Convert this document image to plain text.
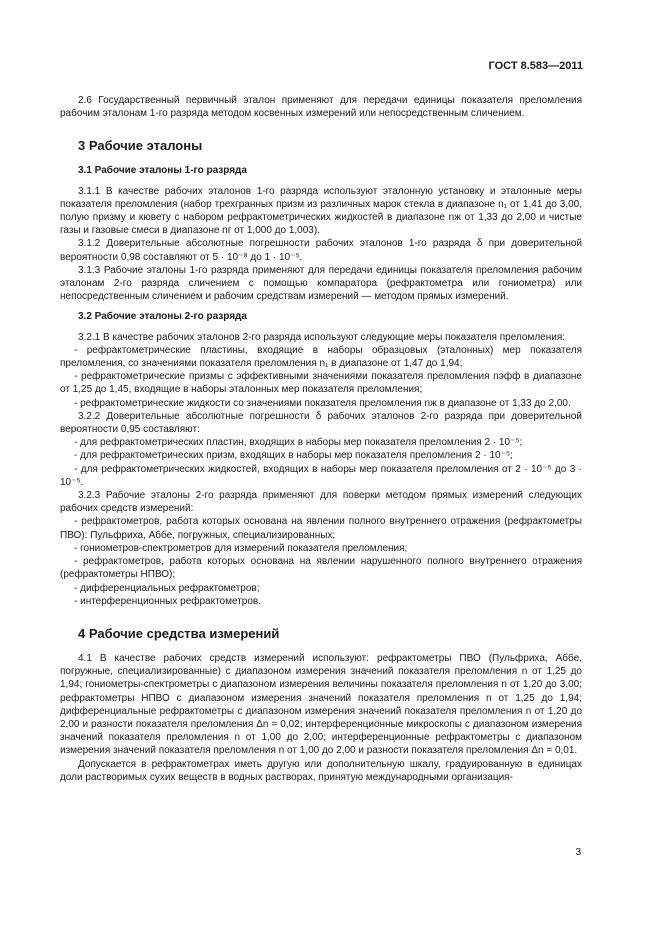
ГОСТ 8.583—2011

2.6 Государственный первичный эталон применяют для передачи единицы показателя преломления рабочим эталонам 1-го разряда методом косвенных измерений или непосредственным сличением.

3 Рабочие эталоны
3.1 Рабочие эталоны 1-го разряда

3.1.1 В качестве рабочих эталонов 1-го разряда используют эталонную установку и эталонные меры показателя преломления (набор трехгранных призм из различных марок стекла в диапазоне n₁ от 1,41 до 3,00, полую призму и кювету с набором рефрактометрических жидкостей в диапазоне nж от 1,33 до 2,00 и чистые газы и газовые смеси в диапазоне nг от 1,000 до 1,003).

3.1.2 Доверительные абсолютные погрешности рабочих эталонов 1-го разряда δ при доверительной вероятности 0,98 составляют от 5 · 10⁻⁸ до 1 · 10⁻⁵.

3.1.3 Рабочие эталоны 1-го разряда применяют для передачи единицы показателя преломления рабочим эталонам 2-го разряда сличением с помощью компаратора (рефрактометра или гониометра) или непосредственным сличением и рабочим средствам измерений — методом прямых измерений.

3.2 Рабочие эталоны 2-го разряда

3.2.1 В качестве рабочих эталонов 2-го разряда используют следующие меры показателя преломления:

- рефрактометрические пластины, входящие в наборы образцовых (эталонных) мер показателя преломления, со значениями показателя преломления n₁ в диапазоне от 1,47 до 1,94;

- рефрактометрические призмы с эффективными значениями показателя преломления nэфф в диапазоне от 1,25 до 1,45, входящие в наборы эталонных мер показателя преломления;

- рефрактометрические жидкости со значениями показателя преломления nж в диапазоне от 1,33 до 2,00.

3.2.2 Доверительные абсолютные погрешности δ рабочих эталонов 2-го разряда при доверительной вероятности 0,95 составляют:

- для рефрактометрических пластин, входящих в наборы мер показателя преломления 2 · 10⁻⁵;

- для рефрактометрических призм, входящих в наборы мер показателя преломления 2 · 10⁻⁵;

- для рефрактометрических жидкостей, входящих в наборы мер показателя преломления от 2 · 10⁻⁵ до 3 · 10⁻⁵.

3.2.3 Рабочие эталоны 2-го разряда применяют для поверки методом прямых измерений следующих рабочих средств измерений:

- рефрактометров, работа которых основана на явлении полного внутреннего отражения (рефрактометры ПВО): Пульфриха, Аббе, погружных, специализированных;

- гониометров-спектрометров для измерений показателя преломления;

- рефрактометров, работа которых основана на явлении нарушенного полного внутреннего отражения (рефрактометры НПВО);

- дифференциальных рефрактометров;

- интерференционных рефрактометров.

4 Рабочие средства измерений

4.1 В качестве рабочих средств измерений используют: рефрактометры ПВО (Пульфриха, Аббе, погружные, специализированные) с диапазоном измерения значений показателя преломления n от 1,25 до 1,94; гониометры-спектрометры с диапазоном измерения величины показателя преломления n от 1,20 до 3,00; рефрактометры НПВО с диапазоном измерения значений показателя преломления n от 1,25 до 1,94; дифференциальные рефрактометры с диапазоном измерения значений показателя преломления n от 1,20 до 2,00 и разности показателя преломления Δn = 0,02; интерференционные микроскопы с диапазоном измерения значений показателя преломления n от 1,00 до 2,00; интерференционные рефрактометры с диапазоном измерения значений показателя преломления n от 1,00 до 2,00 и разности показателя преломления Δn = 0,01.

Допускается в рефрактометрах иметь другую или дополнительную шкалу, градуированную в единицах доли растворимых сухих веществ в водных растворах, принятую международными организация-

3
